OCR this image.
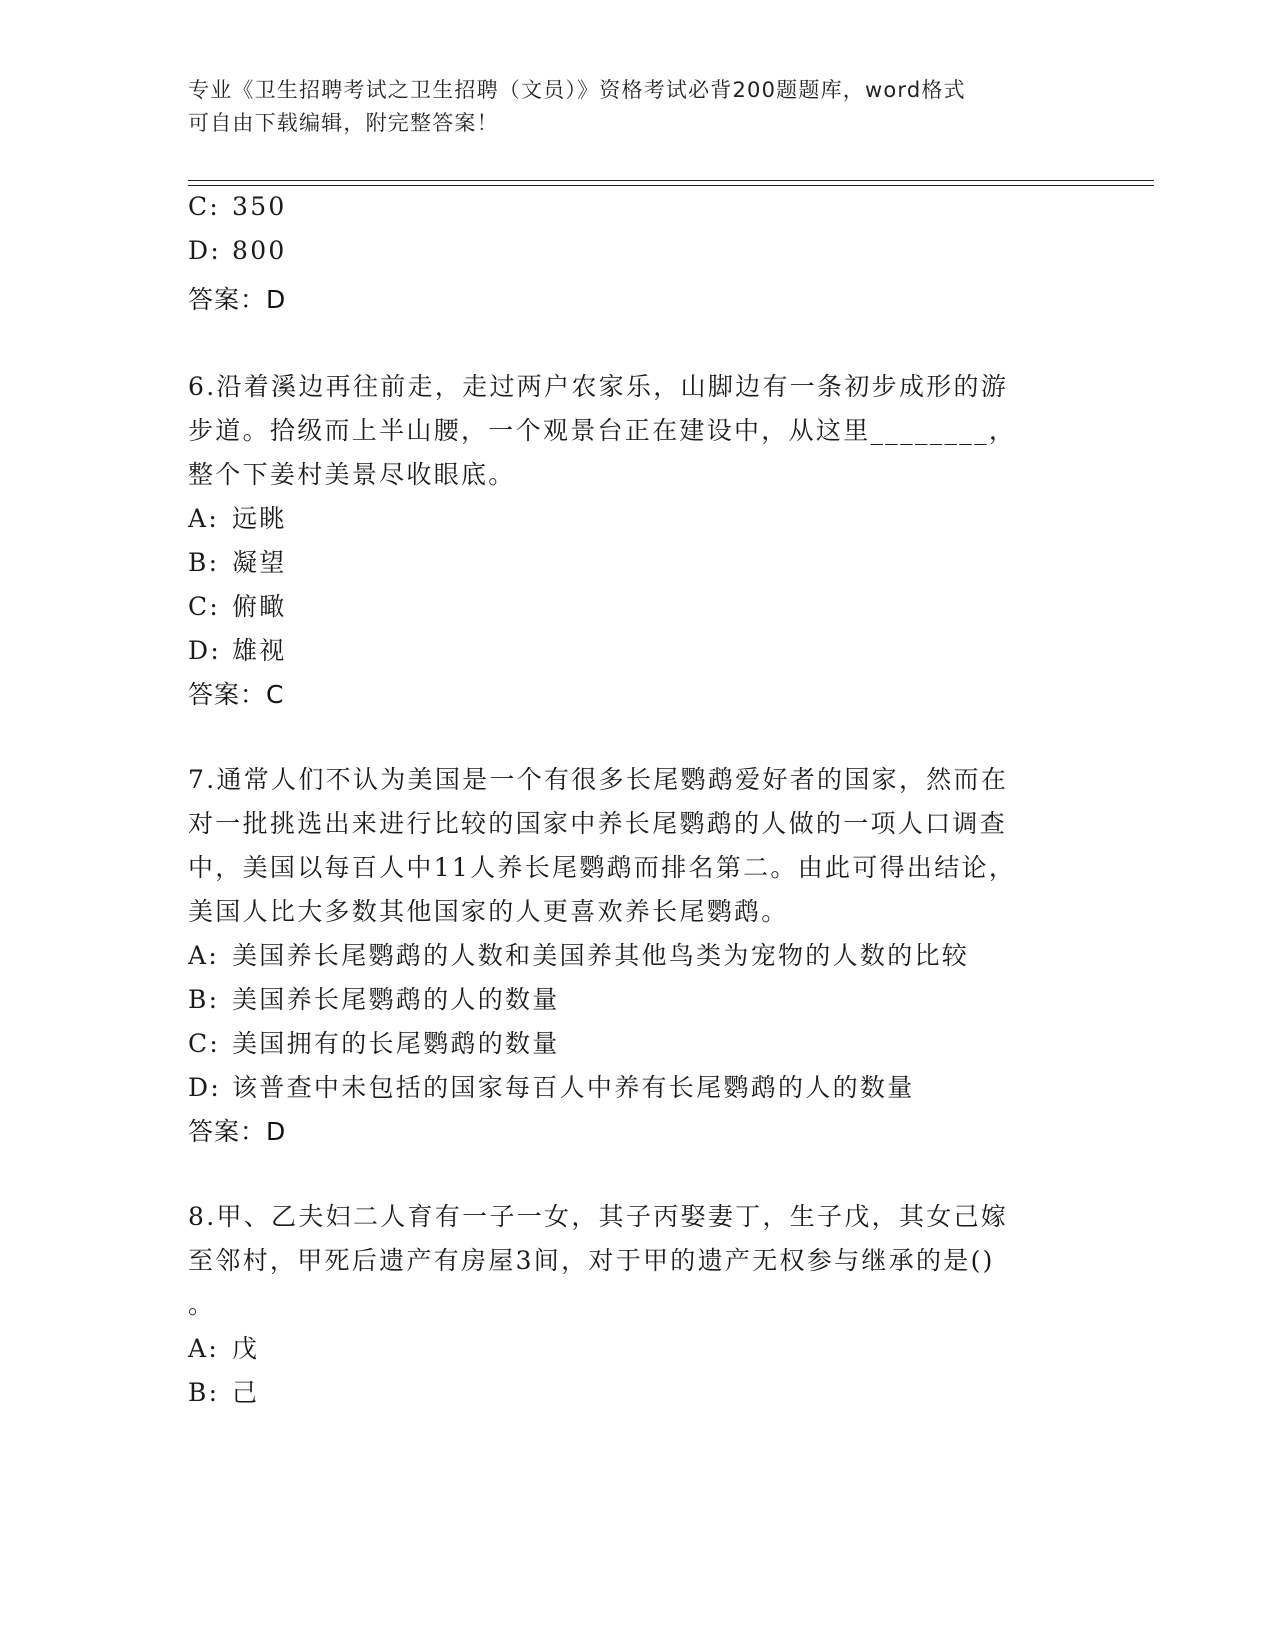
专业《卫生招聘考试之卫生招聘（文员）》资格考试必背200题题库，word格式
可自由下载编辑，附完整答案！
C: 350
D: 800
答案：D
6.沿着溪边再往前走，走过两户农家乐，山脚边有一条初步成形的游
步道。拾级而上半山腰，一个观景台正在建设中，从这里________，
整个下姜村美景尽收眼底。
A: 远眺
B: 凝望
C: 俯瞰
D: 雄视
答案：C
7.通常人们不认为美国是一个有很多长尾鹦鹉爱好者的国家，然而在
对一批挑选出来进行比较的国家中养长尾鹦鹉的人做的一项人口调查
中，美国以每百人中11人养长尾鹦鹉而排名第二。由此可得出结论，
美国人比大多数其他国家的人更喜欢养长尾鹦鹉。
A: 美国养长尾鹦鹉的人数和美国养其他鸟类为宠物的人数的比较
B: 美国养长尾鹦鹉的人的数量
C: 美国拥有的长尾鹦鹉的数量
D: 该普查中未包括的国家每百人中养有长尾鹦鹉的人的数量
答案：D
8.甲、乙夫妇二人育有一子一女，其子丙娶妻丁，生子戊，其女己嫁
至邻村，甲死后遗产有房屋3间，对于甲的遗产无权参与继承的是()
。
A: 戊
B: 己
